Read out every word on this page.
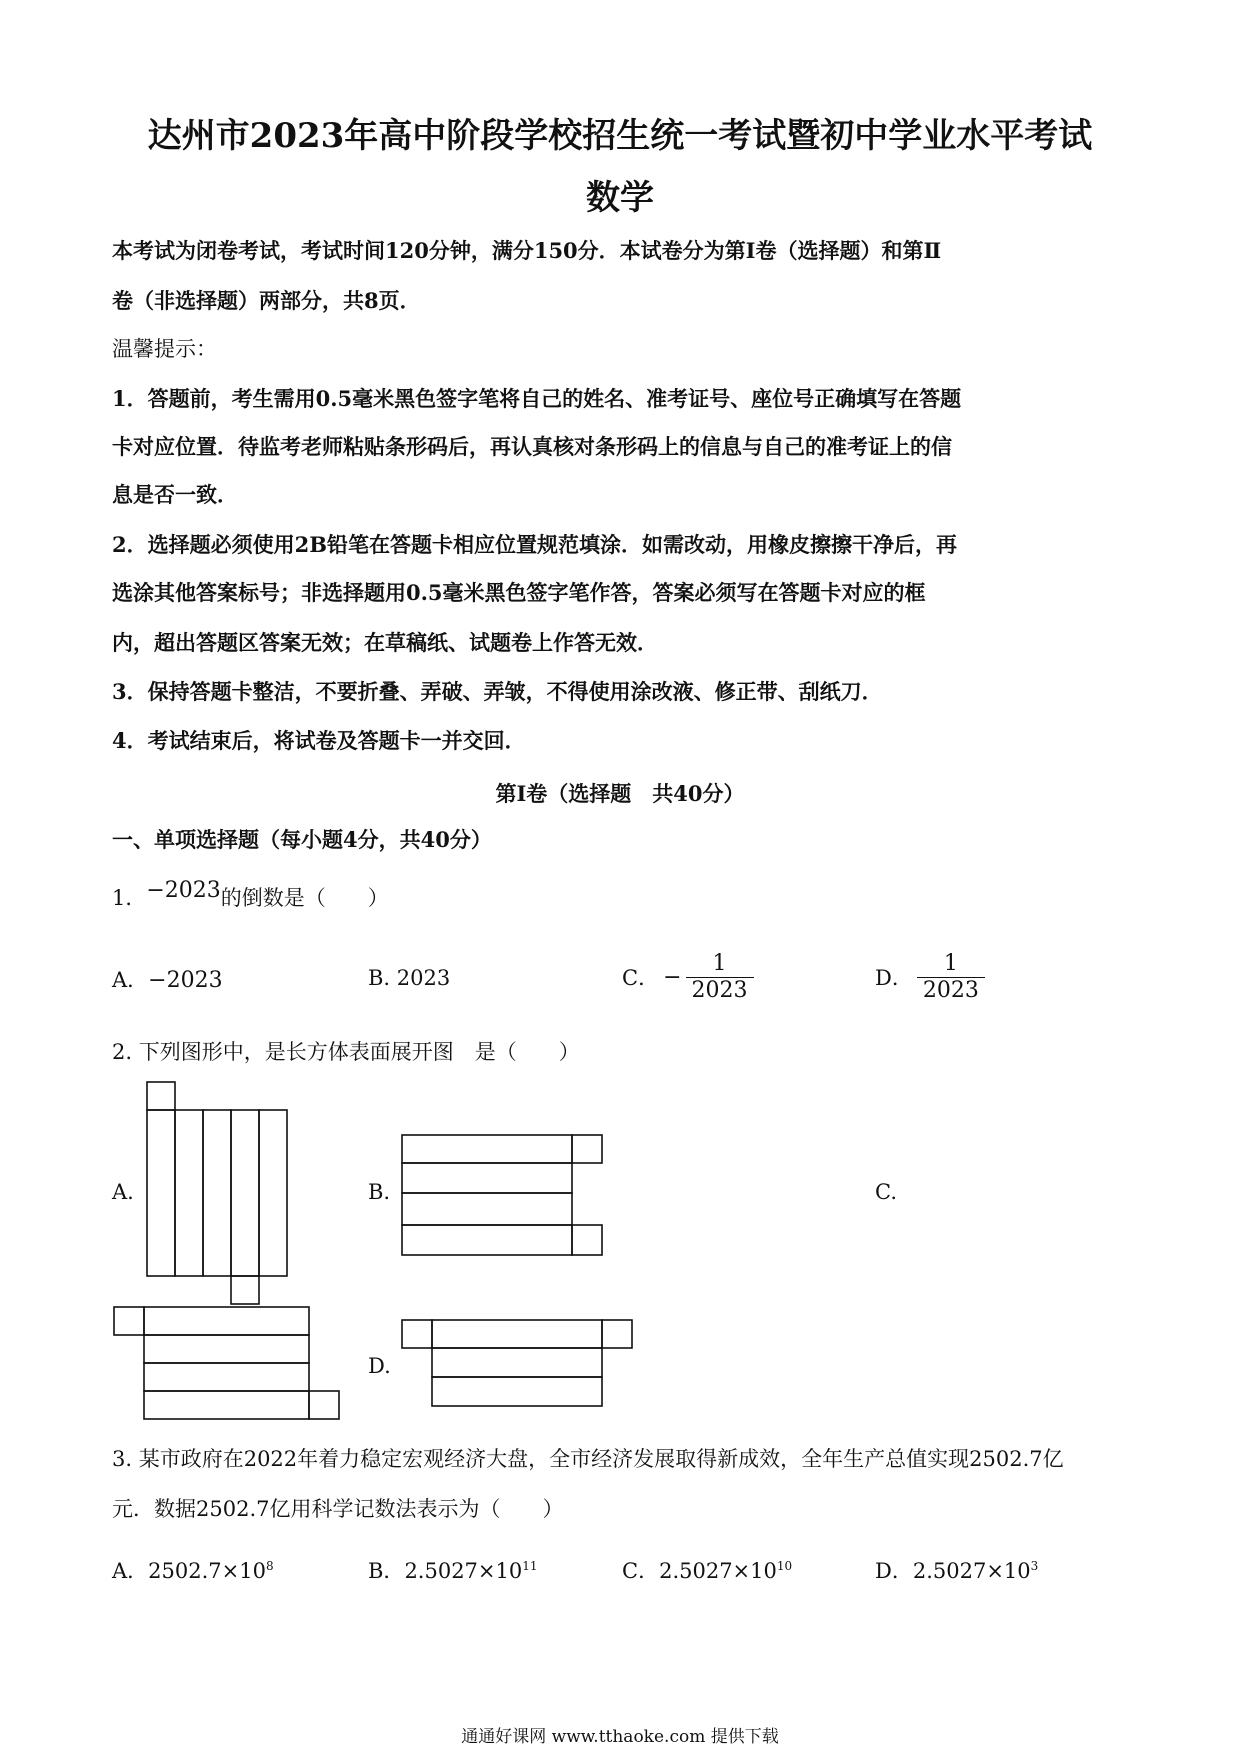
达州市2023年高中阶段学校招生统一考试暨初中学业水平考试
数学
本考试为闭卷考试，考试时间120分钟，满分150分．本试卷分为第Ⅰ卷（选择题）和第Ⅱ
卷（非选择题）两部分，共8页．
温馨提示：
1．答题前，考生需用0.5毫米黑色签字笔将自己的姓名、准考证号、座位号正确填写在答题
卡对应位置．待监考老师粘贴条形码后，再认真核对条形码上的信息与自己的准考证上的信
息是否一致．
2．选择题必须使用2B铅笔在答题卡相应位置规范填涂．如需改动，用橡皮擦擦干净后，再
选涂其他答案标号；非选择题用0.5毫米黑色签字笔作答，答案必须写在答题卡对应的框
内，超出答题区答案无效；在草稿纸、试题卷上作答无效．
3．保持答题卡整洁，不要折叠、弄破、弄皱，不得使用涂改液、修正带、刮纸刀．
4．考试结束后，将试卷及答题卡一并交回．
第Ⅰ卷（选择题　共40分）
一、单项选择题（每小题4分，共40分）
1．−2023的倒数是（　　）
A．−2023	B. 2023	C． − $\frac{1}{2023}$	D． $\frac{1}{2023}$
2. 下列图形中，是长方体表面展开图　是（　　）
A.	B.	C.
D.
3. 某市政府在2022年着力稳定宏观经济大盘，全市经济发展取得新成效，全年生产总值实现2502.7亿
元．数据2502.7亿用科学记数法表示为（　　）
A．$2502.7\times 10^8$	B．$2.5027\times 10^{11}$	C．$2.5027\times 10^{10}$	D．$2.5027\times 10^3$
通通好课网 www.tthaoke.com 提供下载
